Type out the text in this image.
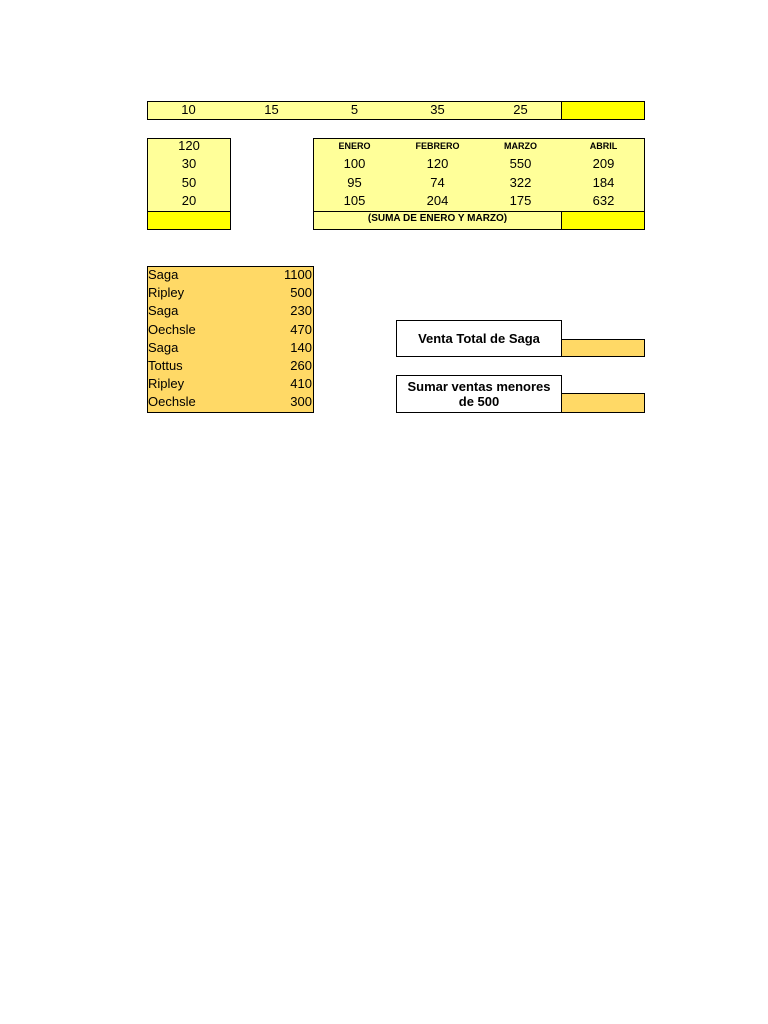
10	15	5	35	25
120
30
50
20
ENERO	FEBRERO	MARZO	ABRIL
100	120	550	209
95	74	322	184
105	204	175	632
(SUMA DE ENERO Y MARZO)
Saga	1100
Ripley	500
Saga	230
Oechsle	470
Saga	140
Tottus	260
Ripley	410
Oechsle	300
Venta Total de Saga
Sumar ventas menores de 500
